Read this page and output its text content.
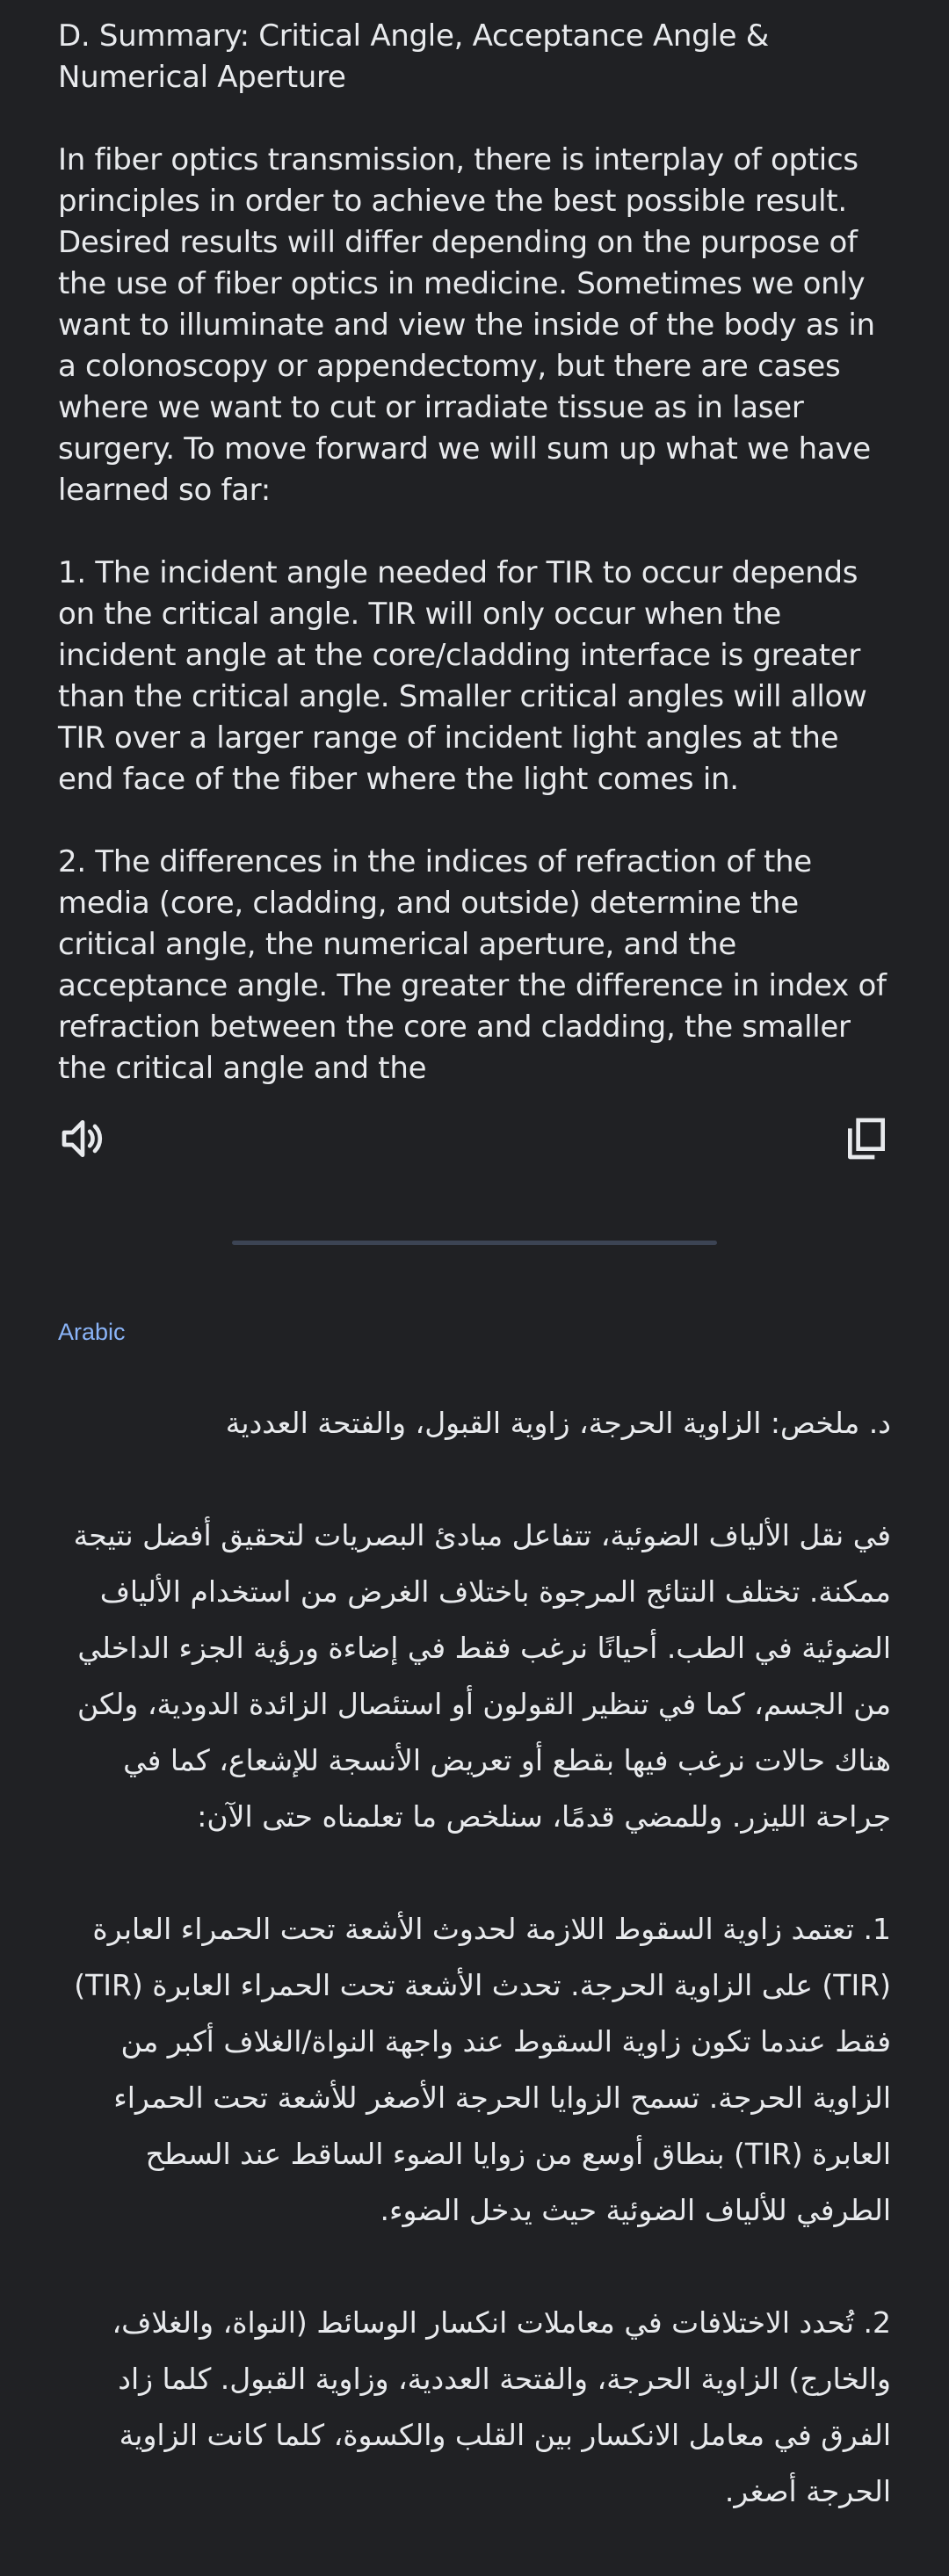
D. Summary: Critical Angle, Acceptance Angle & Numerical Aperture

In fiber optics transmission, there is interplay of optics principles in order to achieve the best possible result. Desired results will differ depending on the purpose of the use of fiber optics in medicine. Sometimes we only want to illuminate and view the inside of the body as in a colonoscopy or appendectomy, but there are cases where we want to cut or irradiate tissue as in laser surgery. To move forward we will sum up what we have learned so far:

1. The incident angle needed for TIR to occur depends on the critical angle. TIR will only occur when the incident angle at the core/cladding interface is greater than the critical angle. Smaller critical angles will allow TIR over a larger range of incident light angles at the end face of the fiber where the light comes in.

2. The differences in the indices of refraction of the media (core, cladding, and outside) determine the critical angle, the numerical aperture, and the acceptance angle. The greater the difference in index of refraction between the core and cladding, the smaller the critical angle and the

Arabic

د. ملخص: الزاوية الحرجة، زاوية القبول، والفتحة العددية

في نقل الألياف الضوئية، تتفاعل مبادئ البصريات لتحقيق أفضل نتيجة ممكنة. تختلف النتائج المرجوة باختلاف الغرض من استخدام الألياف الضوئية في الطب. أحيانًا نرغب فقط في إضاءة ورؤية الجزء الداخلي من الجسم، كما في تنظير القولون أو استئصال الزائدة الدودية، ولكن هناك حالات نرغب فيها بقطع أو تعريض الأنسجة للإشعاع، كما في جراحة الليزر. وللمضي قدمًا، سنلخص ما تعلمناه حتى الآن:

1. تعتمد زاوية السقوط اللازمة لحدوث الأشعة تحت الحمراء العابرة (TIR) على الزاوية الحرجة. تحدث الأشعة تحت الحمراء العابرة (TIR) فقط عندما تكون زاوية السقوط عند واجهة النواة/الغلاف أكبر من الزاوية الحرجة. تسمح الزوايا الحرجة الأصغر للأشعة تحت الحمراء العابرة (TIR) بنطاق أوسع من زوايا الضوء الساقط عند السطح الطرفي للألياف الضوئية حيث يدخل الضوء.

2. تُحدد الاختلافات في معاملات انكسار الوسائط (النواة، والغلاف، والخارج) الزاوية الحرجة، والفتحة العددية، وزاوية القبول. كلما زاد الفرق في معامل الانكسار بين القلب والكسوة، كلما كانت الزاوية الحرجة أصغر.
